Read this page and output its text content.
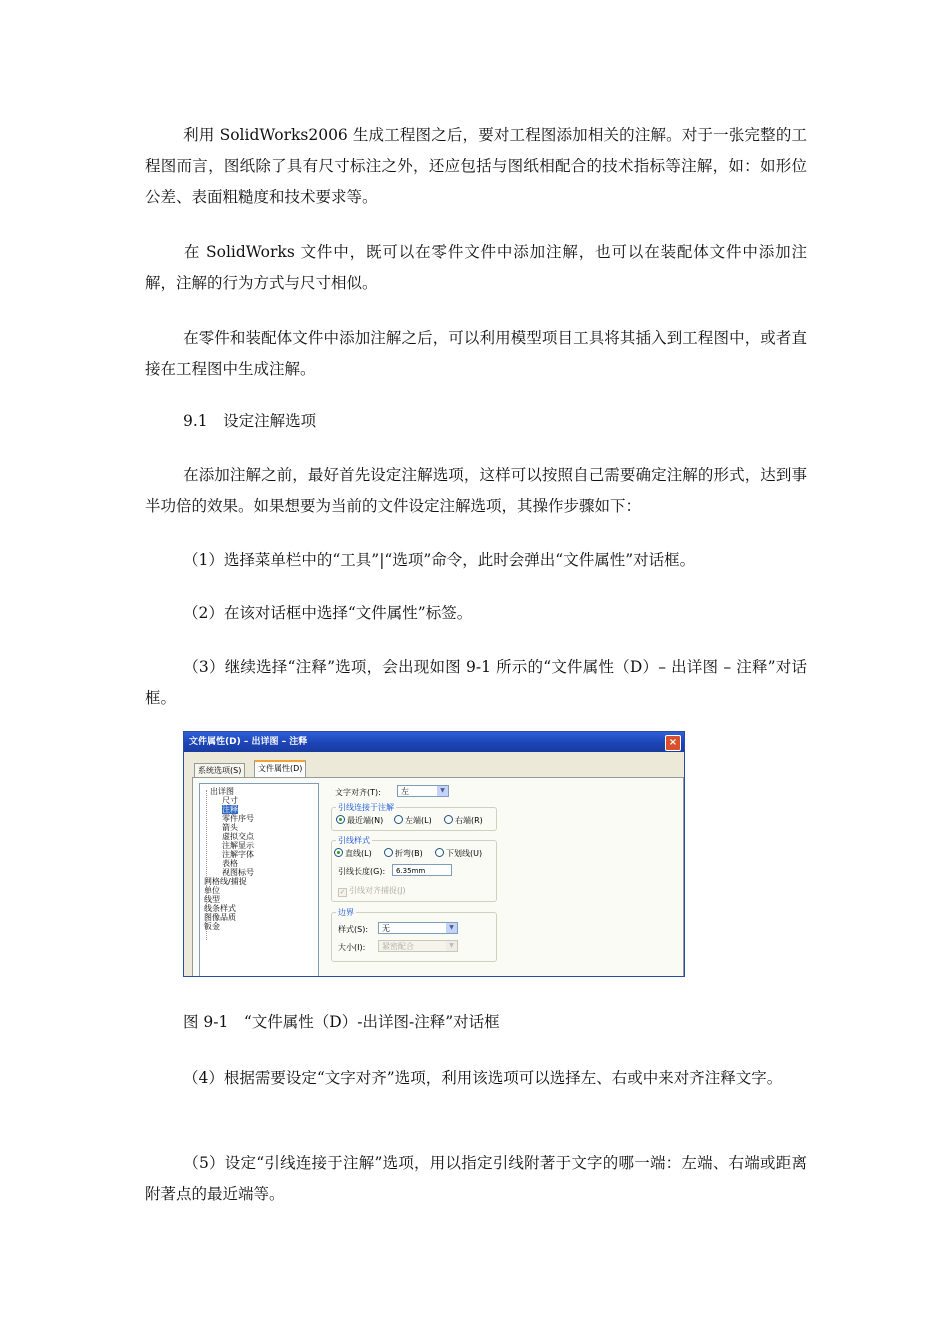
利用 SolidWorks2006 生成工程图之后，要对工程图添加相关的注解。对于一张完整的工程图而言，图纸除了具有尺寸标注之外，还应包括与图纸相配合的技术指标等注解，如：如形位公差、表面粗糙度和技术要求等。

在 SolidWorks 文件中，既可以在零件文件中添加注解，也可以在装配体文件中添加注解，注解的行为方式与尺寸相似。

在零件和装配体文件中添加注解之后，可以利用模型项目工具将其插入到工程图中，或者直接在工程图中生成注解。

9.1　设定注解选项

在添加注解之前，最好首先设定注解选项，这样可以按照自己需要确定注解的形式，达到事半功倍的效果。如果想要为当前的文件设定注解选项，其操作步骤如下：

（1）选择菜单栏中的“工具”|“选项”命令，此时会弹出“文件属性”对话框。

（2）在该对话框中选择“文件属性”标签。

（3）继续选择“注释”选项，会出现如图 9-1 所示的“文件属性（D）– 出详图 – 注释”对话框。

文件属性(D) – 出详图 – 注释	×
系统选项(S)	文件属性(D)
出详图
尺寸
注释
零件序号
箭头
虚拟交点
注解显示
注解字体
表格
视图标号
网格线/捕捉
单位
线型
线条样式
图像品质
钣金
文字对齐(T):	左	▼
引线连接于注解
最近端(N)	左端(L)	右端(R)
引线样式
直线(L)	折弯(B)	下划线(U)
引线长度(G):	6.35mm
✓ 引线对齐捕捉(J)
边界
样式(S):	无	▼
大小(I):	紧密配合	▼

图 9-1　“文件属性（D）-出详图-注释”对话框

（4）根据需要设定“文字对齐”选项，利用该选项可以选择左、右或中来对齐注释文字。

（5）设定“引线连接于注解”选项，用以指定引线附著于文字的哪一端：左端、右端或距离附著点的最近端等。
